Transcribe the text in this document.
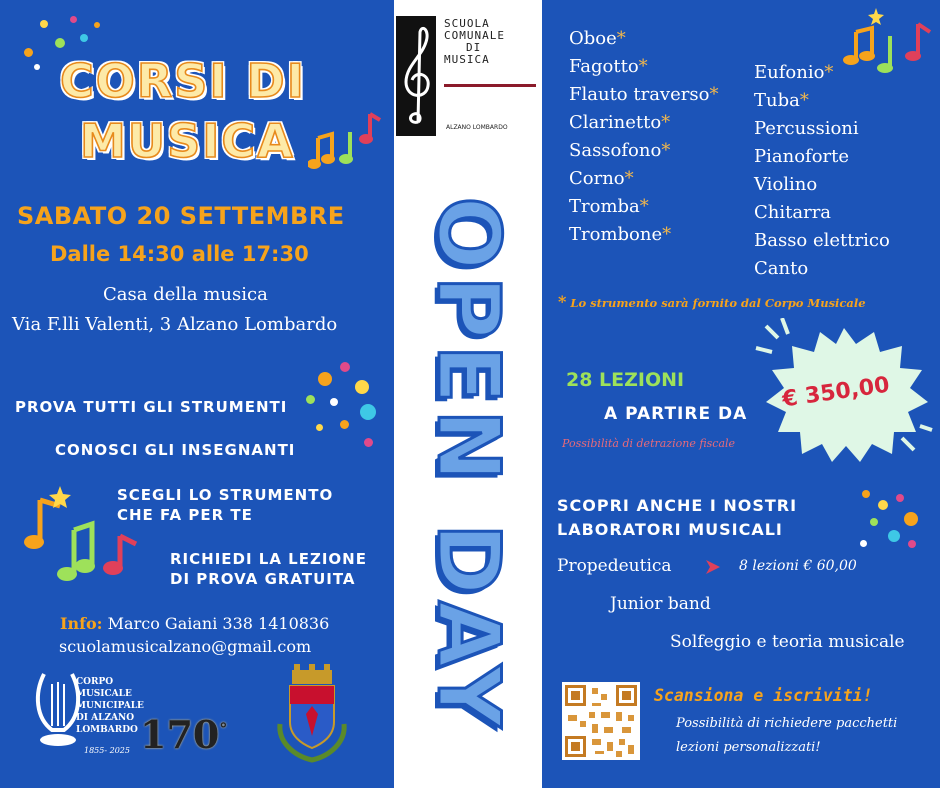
CORSI DI
MUSICA
SABATO 20 SETTEMBRE
Dalle 14:30 alle 17:30
Casa della musica
Via F.lli Valenti, 3 Alzano Lombardo
PROVA TUTTI GLI STRUMENTI
CONOSCI GLI INSEGNANTI
SCEGLI LO STRUMENTO
CHE FA PER TE
RICHIEDI LA LEZIONE
DI PROVA GRATUITA
Info: Marco Gaiani 338 1410836
scuolamusicalzano@gmail.com
CORPO
MUSICALE
MUNICIPALE
DI ALZANO
LOMBARDO
1855- 2025 170°
SCUOLA
COMUNALE
DI
MUSICA
ALZANO LOMBARDO
OPEN DAY
Oboe*
Fagotto*
Flauto traverso*
Clarinetto*
Sassofono*
Corno*
Tromba*
Trombone*
Eufonio*
Tuba*
Percussioni
Pianoforte
Violino
Chitarra
Basso elettrico
Canto
* Lo strumento sarà fornito dal Corpo Musicale
€ 350,00
28 LEZIONI
A PARTIRE DA
Possibilità di detrazione fiscale
SCOPRI ANCHE I NOSTRI
LABORATORI MUSICALI
Propedeutica	8 lezioni € 60,00
Junior band
Solfeggio e teoria musicale
Scansiona e iscriviti!
Possibilità di richiedere pacchetti
lezioni personalizzati!
